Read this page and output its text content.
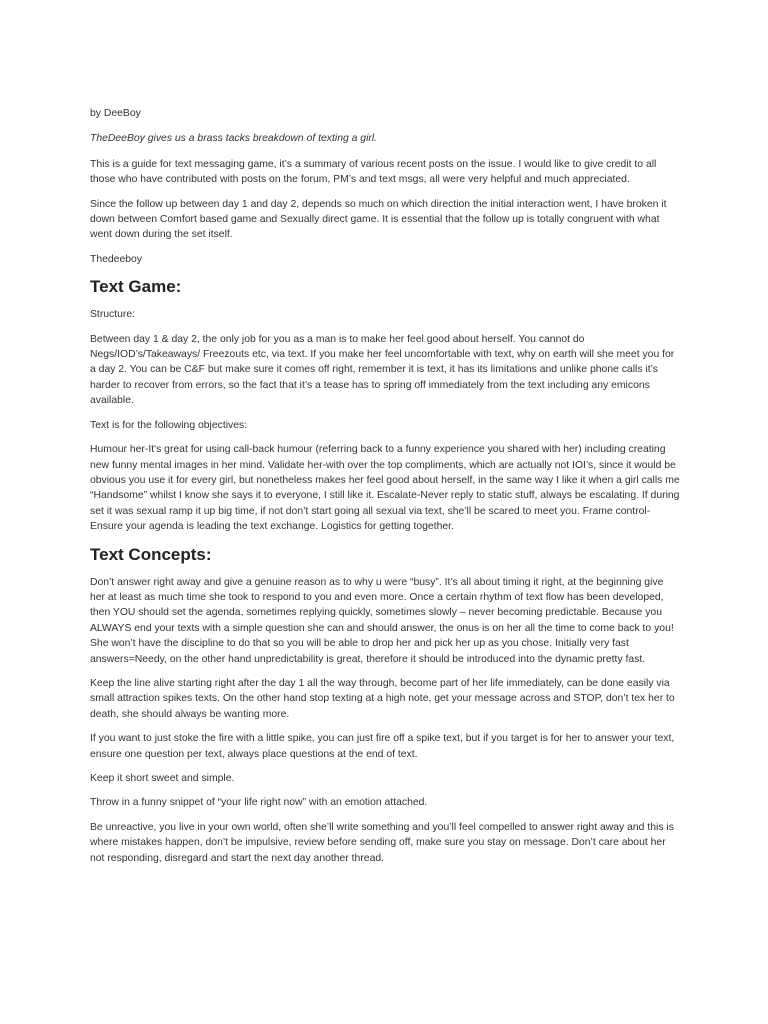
by DeeBoy

TheDeeBoy gives us a brass tacks breakdown of texting a girl.

This is a guide for text messaging game, it’s a summary of various recent posts on the issue. I would like to give credit to all those who have contributed with posts on the forum, PM’s and text msgs, all were very helpful and much appreciated.

Since the follow up between day 1 and day 2, depends so much on which direction the initial interaction went, I have broken it down between Comfort based game and Sexually direct game. It is essential that the follow up is totally congruent with what went down during the set itself.

Thedeeboy

Text Game:

Structure:

Between day 1 & day 2, the only job for you as a man is to make her feel good about herself. You cannot do Negs/IOD’s/Takeaways/ Freezouts etc, via text. If you make her feel uncomfortable with text, why on earth will she meet you for a day 2. You can be C&F but make sure it comes off right, remember it is text, it has its limitations and unlike phone calls it’s harder to recover from errors, so the fact that it’s a tease has to spring off immediately from the text including any emicons available.

Text is for the following objectives:

Humour her-It's great for using call-back humour (referring back to a funny experience you shared with her) including creating new funny mental images in her mind. Validate her-with over the top compliments, which are actually not IOI’s, since it would be obvious you use it for every girl, but nonetheless makes her feel good about herself, in the same way I like it when a girl calls me “Handsome” whilst I know she says it to everyone, I still like it. Escalate-Never reply to static stuff, always be escalating. If during set it was sexual ramp it up big time, if not don’t start going all sexual via text, she’ll be scared to meet you. Frame control-Ensure your agenda is leading the text exchange. Logistics for getting together.

Text Concepts:

Don’t answer right away and give a genuine reason as to why u were “busy”. It’s all about timing it right, at the beginning give her at least as much time she took to respond to you and even more. Once a certain rhythm of text flow has been developed, then YOU should set the agenda, sometimes replying quickly, sometimes slowly – never becoming predictable. Because you ALWAYS end your texts with a simple question she can and should answer, the onus is on her all the time to come back to you! She won’t have the discipline to do that so you will be able to drop her and pick her up as you chose. Initially very fast answers=Needy, on the other hand unpredictability is great, therefore it should be introduced into the dynamic pretty fast.

Keep the line alive starting right after the day 1 all the way through, become part of her life immediately, can be done easily via small attraction spikes texts. On the other hand stop texting at a high note, get your message across and STOP, don’t tex her to death, she should always be wanting more.

If you want to just stoke the fire with a little spike, you can just fire off a spike text, but if you target is for her to answer your text, ensure one question per text, always place questions at the end of text.

Keep it short sweet and simple.

Throw in a funny snippet of “your life right now” with an emotion attached.

Be unreactive, you live in your own world, often she’ll write something and you’ll feel compelled to answer right away and this is where mistakes happen, don’t be impulsive, review before sending off, make sure you stay on message. Don’t care about her not responding, disregard and start the next day another thread.
